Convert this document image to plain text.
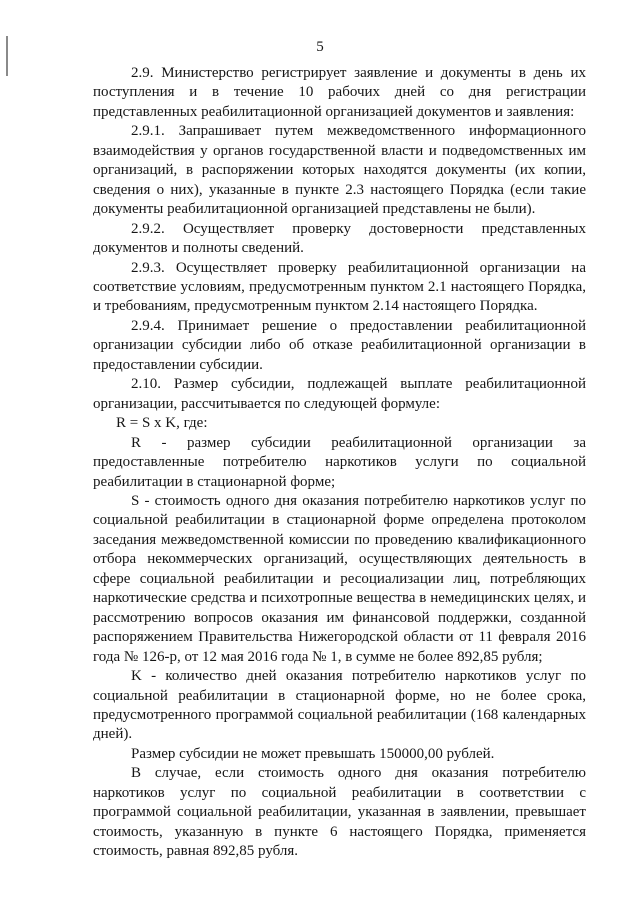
5

2.9. Министерство регистрирует заявление и документы в день их поступления и в течение 10 рабочих дней со дня регистрации представленных реабилитационной организацией документов и заявления:

2.9.1. Запрашивает путем межведомственного информационного взаимодействия у органов государственной власти и подведомственных им организаций, в распоряжении которых находятся документы (их копии, сведения о них), указанные в пункте 2.3 настоящего Порядка (если такие документы реабилитационной организацией представлены не были).

2.9.2. Осуществляет проверку достоверности представленных документов и полноты сведений.

2.9.3. Осуществляет проверку реабилитационной организации на соответствие условиям, предусмотренным пунктом 2.1 настоящего Порядка, и требованиям, предусмотренным пунктом 2.14 настоящего Порядка.

2.9.4. Принимает решение о предоставлении реабилитационной организации субсидии либо об отказе реабилитационной организации в предоставлении субсидии.

2.10. Размер субсидии, подлежащей выплате реабилитационной организации, рассчитывается по следующей формуле:

R = S x K, где:

R - размер субсидии реабилитационной организации за предоставленные потребителю наркотиков услуги по социальной реабилитации в стационарной форме;

S - стоимость одного дня оказания потребителю наркотиков услуг по социальной реабилитации в стационарной форме определена протоколом заседания межведомственной комиссии по проведению квалификационного отбора некоммерческих организаций, осуществляющих деятельность в сфере социальной реабилитации и ресоциализации лиц, потребляющих наркотические средства и психотропные вещества в немедицинских целях, и рассмотрению вопросов оказания им финансовой поддержки, созданной распоряжением Правительства Нижегородской области от 11 февраля 2016 года № 126-р, от 12 мая 2016 года № 1, в сумме не более 892,85 рубля;

K - количество дней оказания потребителю наркотиков услуг по социальной реабилитации в стационарной форме, но не более срока, предусмотренного программой социальной реабилитации (168 календарных дней).

Размер субсидии не может превышать 150000,00 рублей.

В случае, если стоимость одного дня оказания потребителю наркотиков услуг по социальной реабилитации в соответствии с программой социальной реабилитации, указанная в заявлении, превышает стоимость, указанную в пункте 6 настоящего Порядка, применяется стоимость, равная 892,85 рубля.
